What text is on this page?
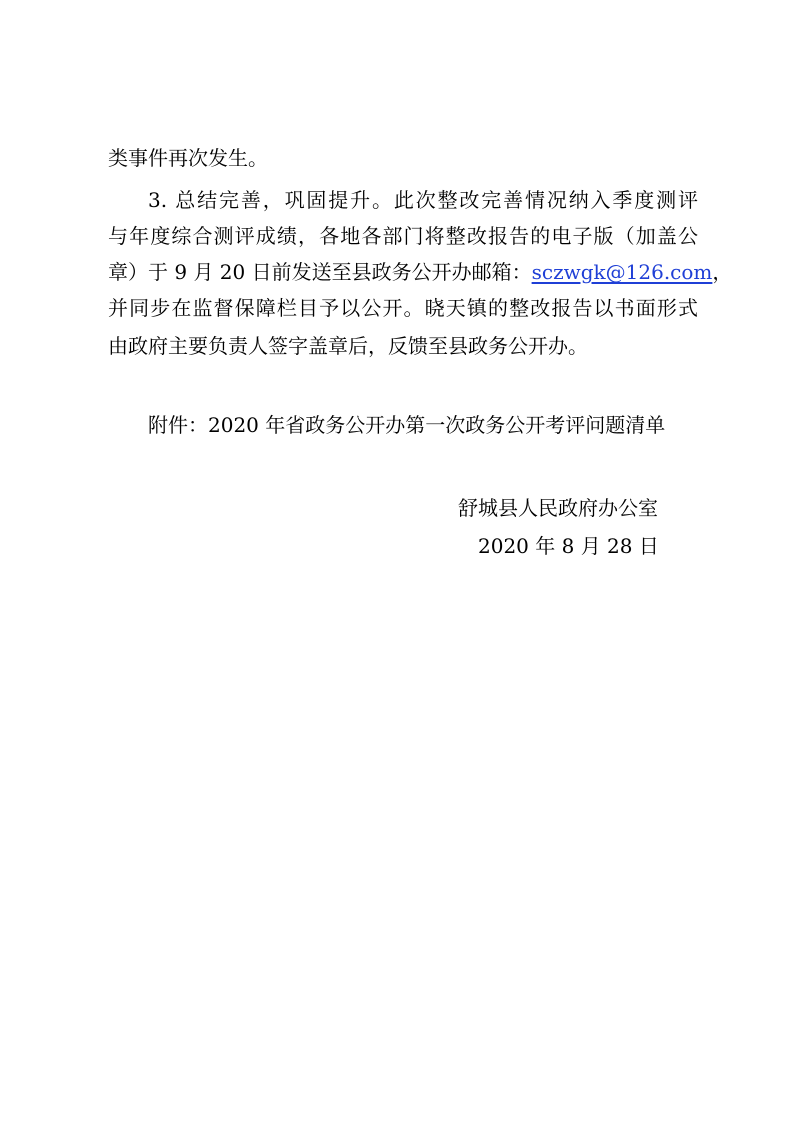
类事件再次发生。
3. 总结完善，巩固提升。此次整改完善情况纳入季度测评
与年度综合测评成绩，各地各部门将整改报告的电子版（加盖公
章）于 9 月 20 日前发送至县政务公开办邮箱：sczwgk@126.com，
并同步在监督保障栏目予以公开。晓天镇的整改报告以书面形式
由政府主要负责人签字盖章后，反馈至县政务公开办。
附件：2020 年省政务公开办第一次政务公开考评问题清单
舒城县人民政府办公室
2020 年 8 月 28 日
